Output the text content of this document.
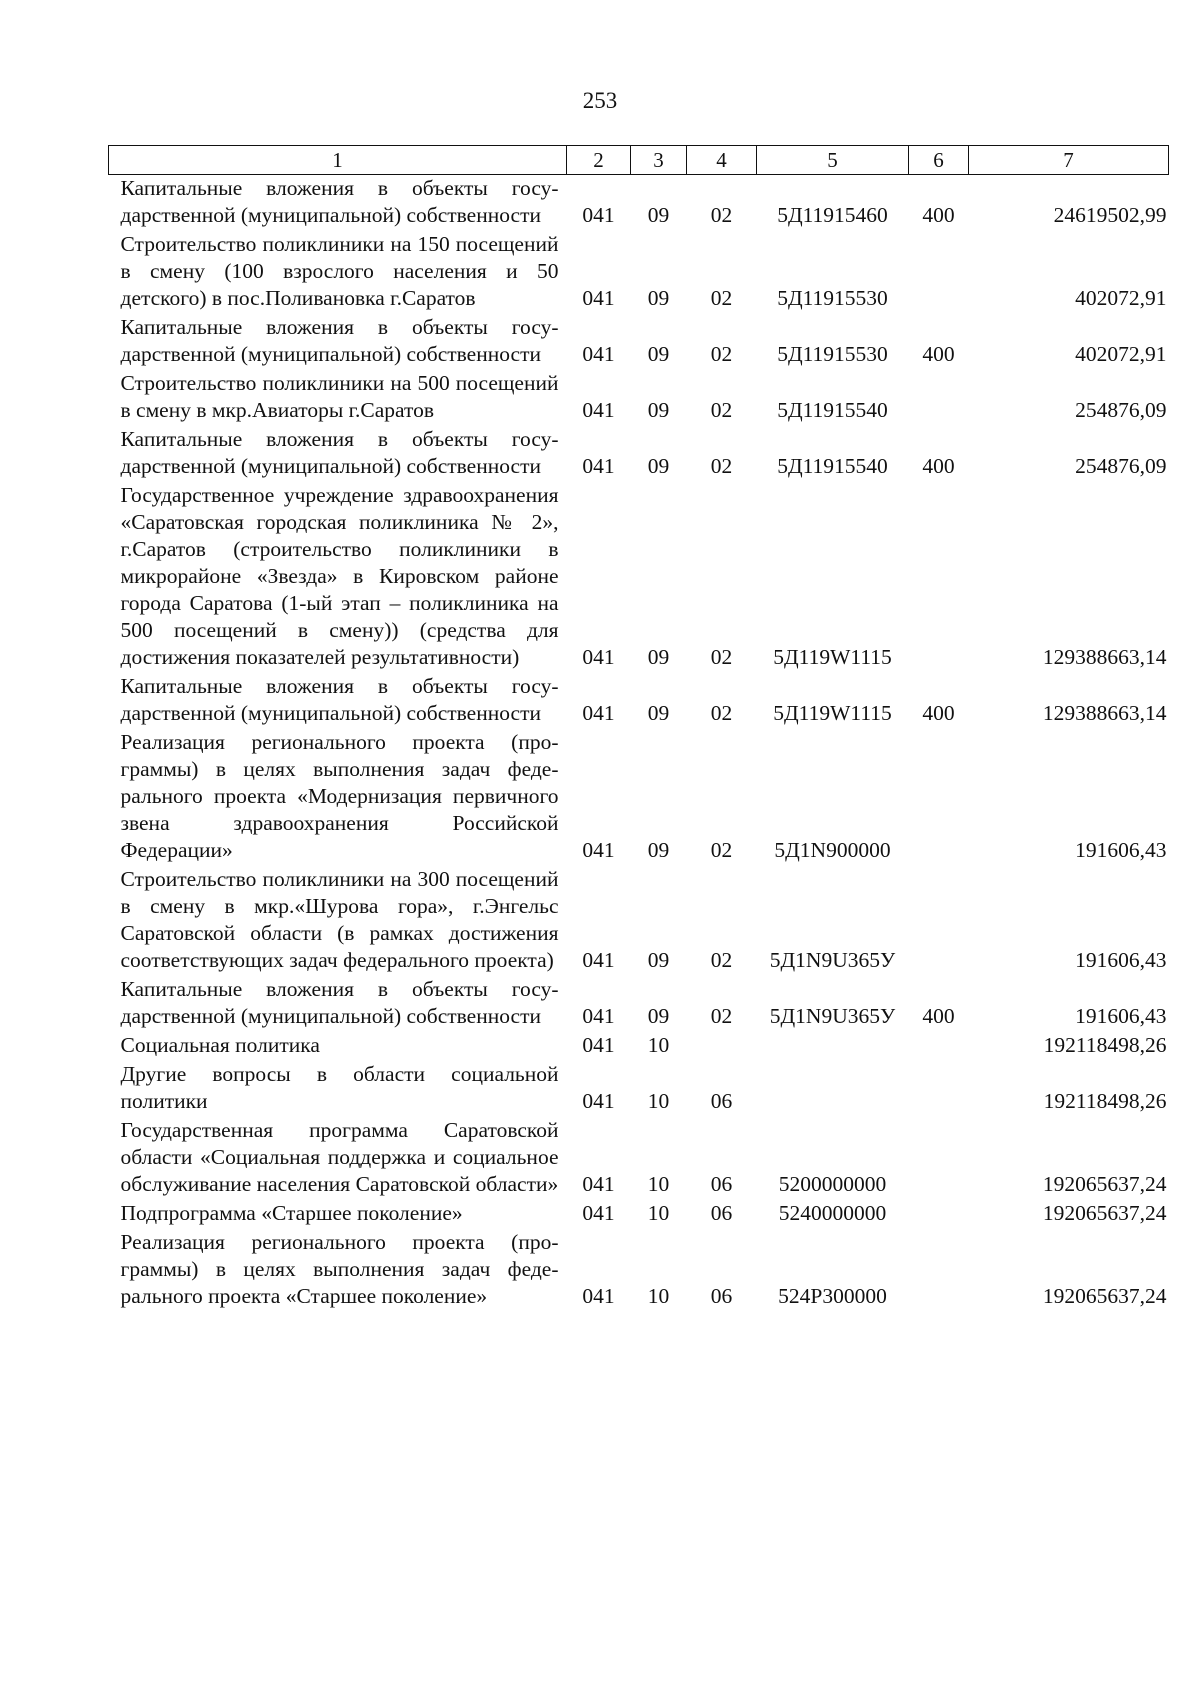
253
1	2	3	4	5	6	7
Капитальные вложения в объекты государственной (муниципальной) собственности	041	09	02	5Д11915460	400	24619502,99
Строительство поликлиники на 150 посещений в смену (100 взрослого населения и 50 детского) в пос.Поливановка г.Саратов	041	09	02	5Д11915530		402072,91
Капитальные вложения в объекты государственной (муниципальной) собственности	041	09	02	5Д11915530	400	402072,91
Строительство поликлиники на 500 посещений в смену в мкр.Авиаторы г.Саратов	041	09	02	5Д11915540		254876,09
Капитальные вложения в объекты государственной (муниципальной) собственности	041	09	02	5Д11915540	400	254876,09
Государственное учреждение здравоохранения «Саратовская городская поликлиника № 2», г.Саратов (строительство поликлиники в микрорайоне «Звезда» в Кировском районе города Саратова (1-ый этап – поликлиника на 500 посещений в смену)) (средства для достижения показателей результативности)	041	09	02	5Д119W1115		129388663,14
Капитальные вложения в объекты государственной (муниципальной) собственности	041	09	02	5Д119W1115	400	129388663,14
Реализация регионального проекта (программы) в целях выполнения задач федерального проекта «Модернизация первичного звена здравоохранения Российской Федерации»	041	09	02	5Д1N900000		191606,43
Строительство поликлиники на 300 посещений в смену в мкр.«Шурова гора», г.Энгельс Саратовской области (в рамках достижения соответствующих задач федерального проекта)	041	09	02	5Д1N9U365У		191606,43
Капитальные вложения в объекты государственной (муниципальной) собственности	041	09	02	5Д1N9U365У	400	191606,43
Социальная политика	041	10				192118498,26
Другие вопросы в области социальной политики	041	10	06			192118498,26
Государственная программа Саратовской области «Социальная поддержка и социальное обслуживание населения Саратовской области»	041	10	06	5200000000		192065637,24
Подпрограмма «Старшее поколение»	041	10	06	5240000000		192065637,24
Реализация регионального проекта (программы) в целях выполнения задач федерального проекта «Старшее поколение»	041	10	06	524P300000		192065637,24
